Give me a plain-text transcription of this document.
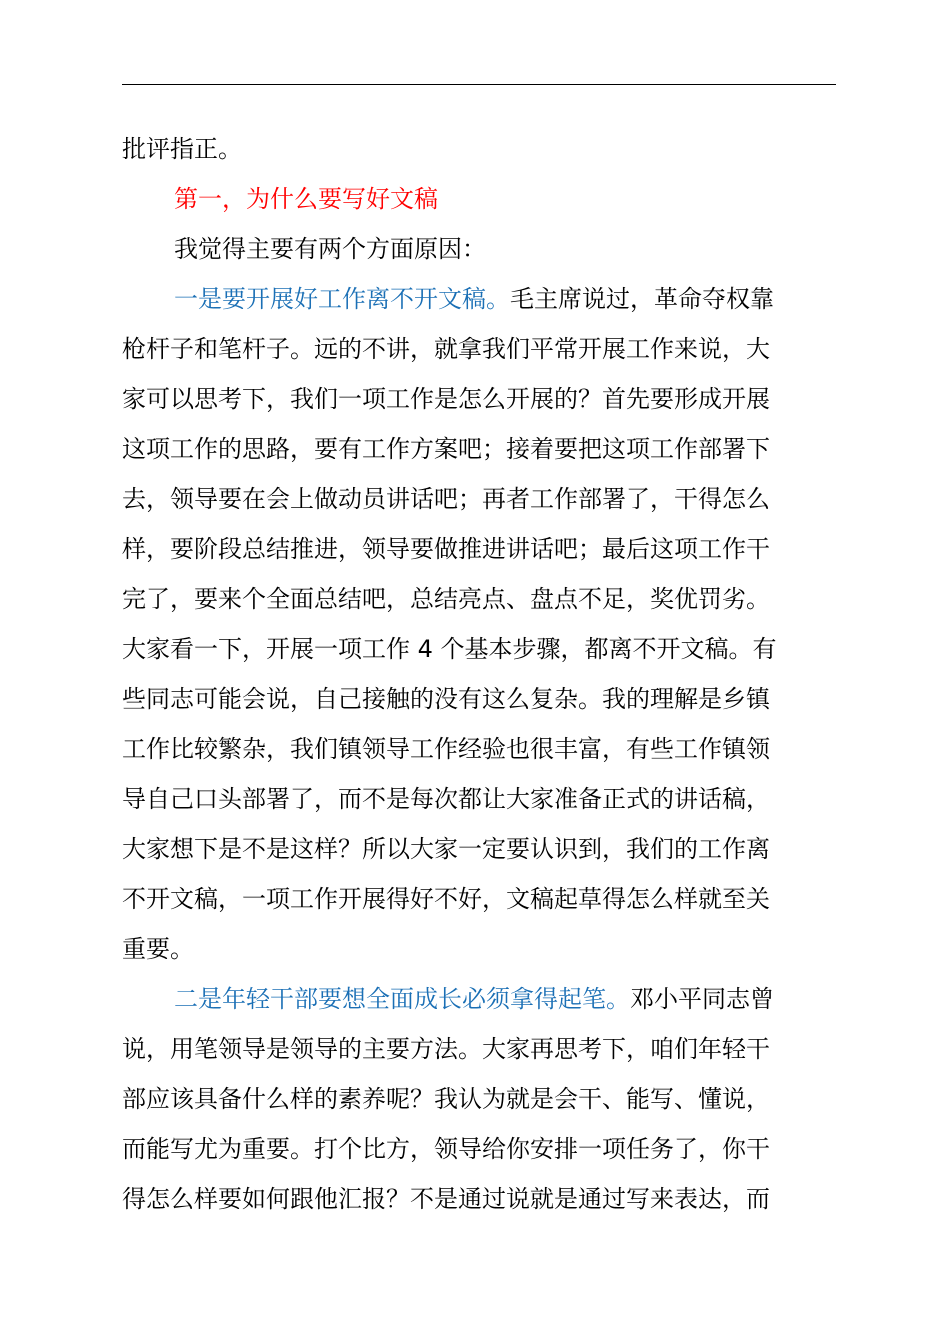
批评指正。

第一，为什么要写好文稿

我觉得主要有两个方面原因：

一是要开展好工作离不开文稿。毛主席说过，革命夺权靠

枪杆子和笔杆子。远的不讲，就拿我们平常开展工作来说，大

家可以思考下，我们一项工作是怎么开展的？首先要形成开展

这项工作的思路，要有工作方案吧；接着要把这项工作部署下

去，领导要在会上做动员讲话吧；再者工作部署了，干得怎么

样，要阶段总结推进，领导要做推进讲话吧；最后这项工作干

完了，要来个全面总结吧，总结亮点、盘点不足，奖优罚劣。

大家看一下，开展一项工作 4 个基本步骤，都离不开文稿。有

些同志可能会说，自己接触的没有这么复杂。我的理解是乡镇

工作比较繁杂，我们镇领导工作经验也很丰富，有些工作镇领

导自己口头部署了，而不是每次都让大家准备正式的讲话稿，

大家想下是不是这样？所以大家一定要认识到，我们的工作离

不开文稿，一项工作开展得好不好，文稿起草得怎么样就至关

重要。

二是年轻干部要想全面成长必须拿得起笔。邓小平同志曾

说，用笔领导是领导的主要方法。大家再思考下，咱们年轻干

部应该具备什么样的素养呢？我认为就是会干、能写、懂说，

而能写尤为重要。打个比方，领导给你安排一项任务了，你干

得怎么样要如何跟他汇报？不是通过说就是通过写来表达，而
